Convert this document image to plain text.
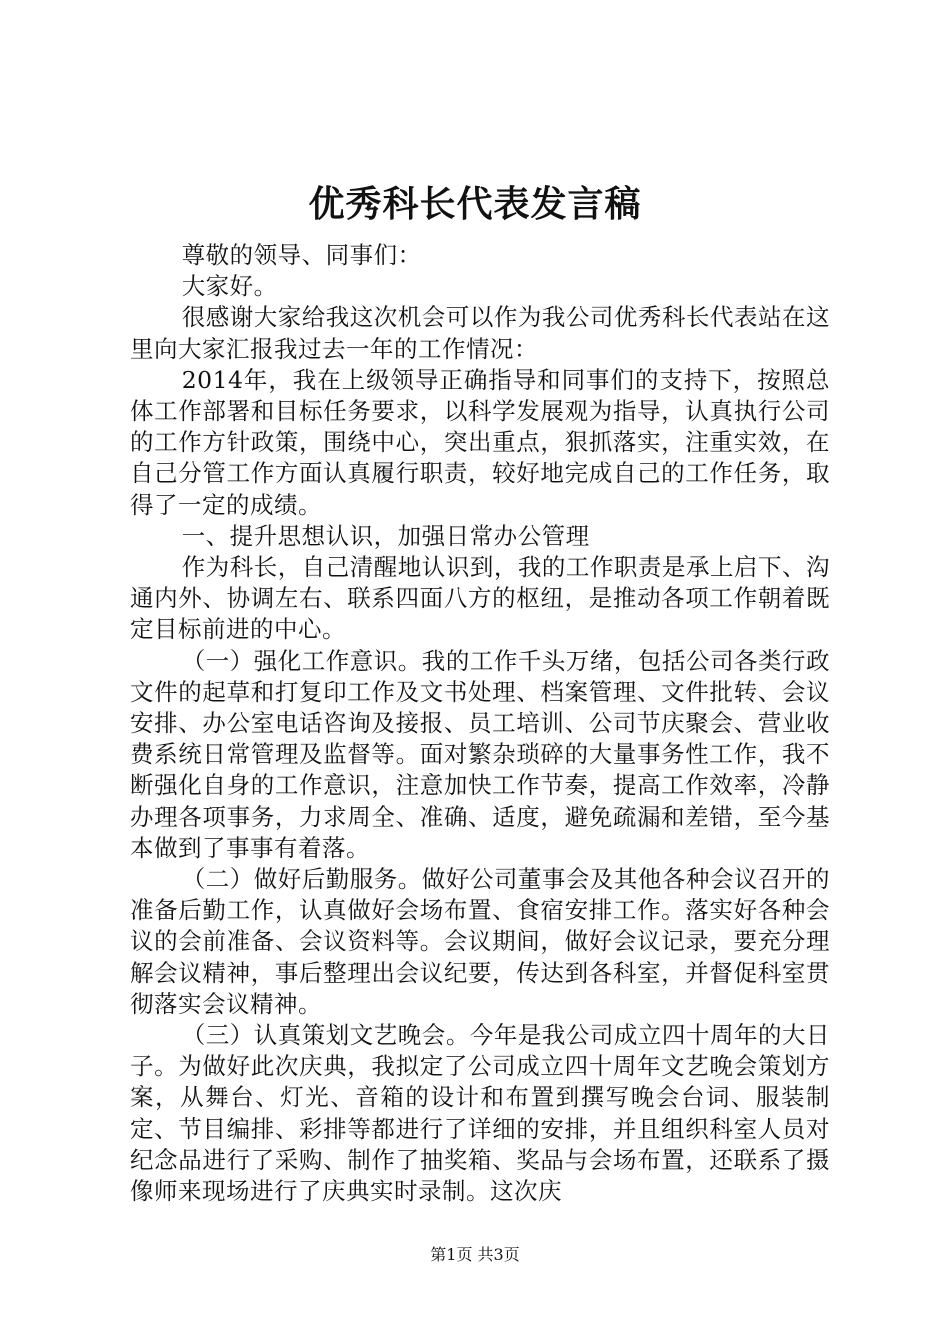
优秀科长代表发言稿

尊敬的领导、同事们：

大家好。

很感谢大家给我这次机会可以作为我公司优秀科长代表站在这里向大家汇报我过去一年的工作情况：

2014年，我在上级领导正确指导和同事们的支持下，按照总体工作部署和目标任务要求，以科学发展观为指导，认真执行公司的工作方针政策，围绕中心，突出重点，狠抓落实，注重实效，在自己分管工作方面认真履行职责，较好地完成自己的工作任务，取得了一定的成绩。

一、提升思想认识，加强日常办公管理

作为科长，自己清醒地认识到，我的工作职责是承上启下、沟通内外、协调左右、联系四面八方的枢纽，是推动各项工作朝着既定目标前进的中心。

（一）强化工作意识。我的工作千头万绪，包括公司各类行政文件的起草和打复印工作及文书处理、档案管理、文件批转、会议安排、办公室电话咨询及接报、员工培训、公司节庆聚会、营业收费系统日常管理及监督等。面对繁杂琐碎的大量事务性工作，我不断强化自身的工作意识，注意加快工作节奏，提高工作效率，冷静办理各项事务，力求周全、准确、适度，避免疏漏和差错，至今基本做到了事事有着落。

（二）做好后勤服务。做好公司董事会及其他各种会议召开的准备后勤工作，认真做好会场布置、食宿安排工作。落实好各种会议的会前准备、会议资料等。会议期间，做好会议记录，要充分理解会议精神，事后整理出会议纪要，传达到各科室，并督促科室贯彻落实会议精神。

（三）认真策划文艺晚会。今年是我公司成立四十周年的大日子。为做好此次庆典，我拟定了公司成立四十周年文艺晚会策划方案，从舞台、灯光、音箱的设计和布置到撰写晚会台词、服装制定、节目编排、彩排等都进行了详细的安排，并且组织科室人员对纪念品进行了采购、制作了抽奖箱、奖品与会场布置，还联系了摄像师来现场进行了庆典实时录制。这次庆

第1页 共3页
